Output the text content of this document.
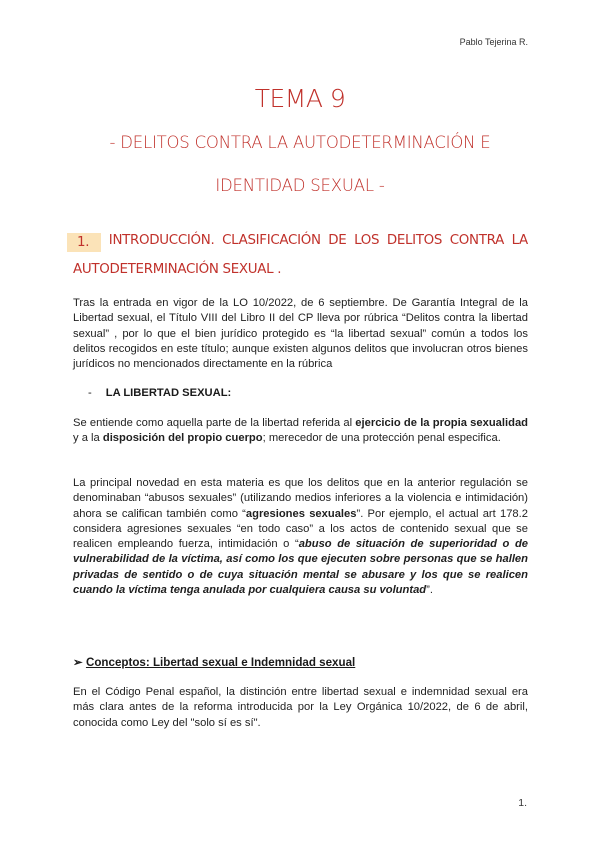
Pablo Tejerina R.
TEMA 9
- DELITOS CONTRA LA AUTODETERMINACIÓN E
IDENTIDAD SEXUAL -
1.	INTRODUCCIÓN. CLASIFICACIÓN DE LOS DELITOS CONTRA LA
AUTODETERMINACIÓN SEXUAL .
Tras la entrada en vigor de la LO 10/2022, de 6 septiembre. De Garantía Integral de la Libertad sexual, el Título VIII del Libro II del CP lleva por rúbrica “Delitos contra la libertad sexual” , por lo que el bien jurídico protegido es “la libertad sexual” común a todos los delitos recogidos en este título; aunque existen algunos delitos que involucran otros bienes jurídicos no mencionados directamente en la rúbrica
- LA LIBERTAD SEXUAL:
Se entiende como aquella parte de la libertad referida al ejercicio de la propia sexualidad y a la disposición del propio cuerpo; merecedor de una protección penal especifica.
La principal novedad en esta materia es que los delitos que en la anterior regulación se denominaban “abusos sexuales” (utilizando medios inferiores a la violencia e intimidación) ahora se califican también como “agresiones sexuales”. Por ejemplo, el actual art 178.2 considera agresiones sexuales “en todo caso” a los actos de contenido sexual que se realicen empleando fuerza, intimidación o “abuso de situación de superioridad o de vulnerabilidad de la víctima, así como los que ejecuten sobre personas que se hallen privadas de sentido o de cuya situación mental se abusare y los que se realicen cuando la víctima tenga anulada por cualquiera causa su voluntad”.
➢ Conceptos: Libertad sexual e Indemnidad sexual
En el Código Penal español, la distinción entre libertad sexual e indemnidad sexual era más clara antes de la reforma introducida por la Ley Orgánica 10/2022, de 6 de abril, conocida como Ley del "solo sí es sí".
1.
